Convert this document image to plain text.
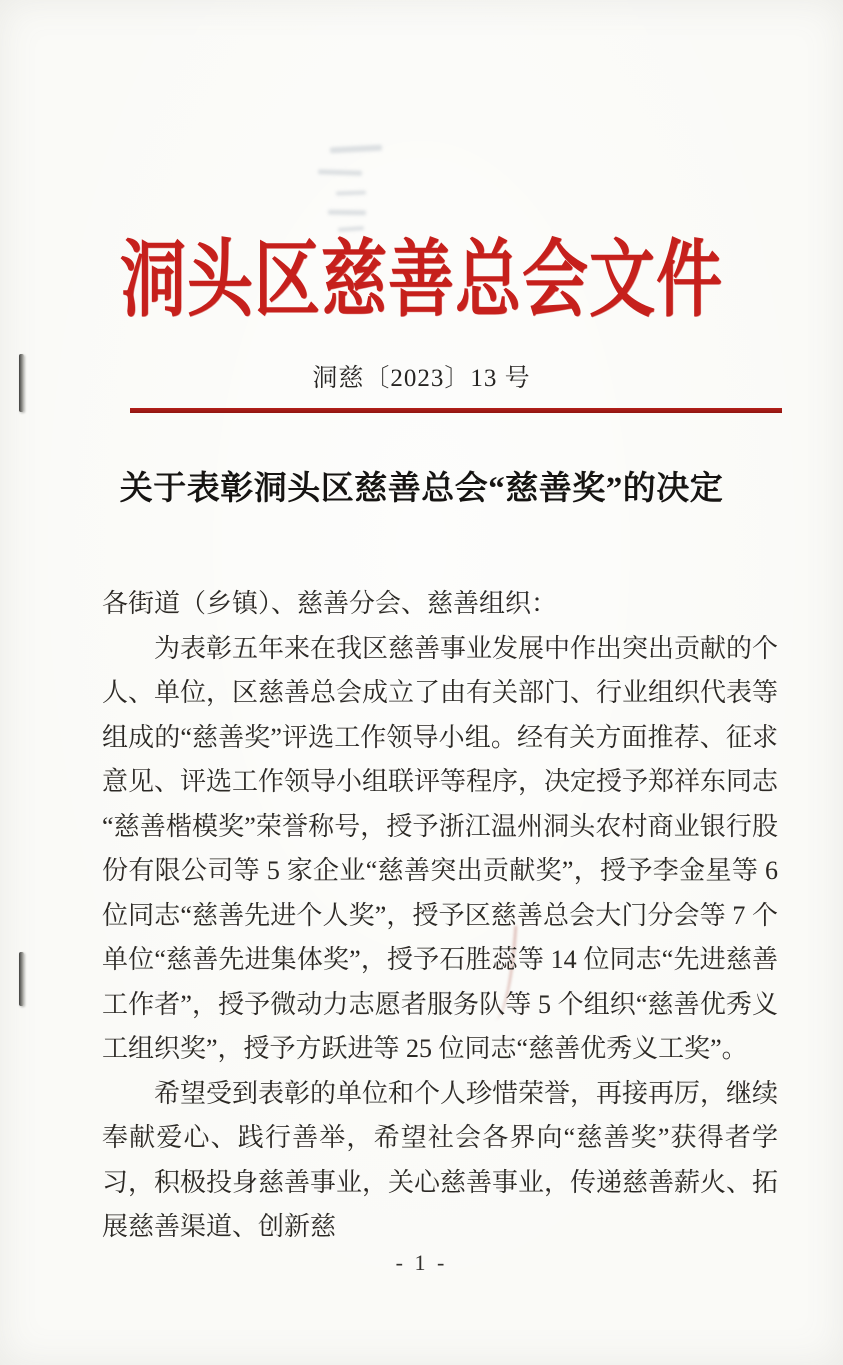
洞头区慈善总会文件
洞慈〔2023〕13 号
关于表彰洞头区慈善总会“慈善奖”的决定

各街道（乡镇）、慈善分会、慈善组织：

为表彰五年来在我区慈善事业发展中作出突出贡献的个人、单位，区慈善总会成立了由有关部门、行业组织代表等组成的“慈善奖”评选工作领导小组。经有关方面推荐、征求意见、评选工作领导小组联评等程序，决定授予郑祥东同志“慈善楷模奖”荣誉称号，授予浙江温州洞头农村商业银行股份有限公司等 5 家企业“慈善突出贡献奖”，授予李金星等 6 位同志“慈善先进个人奖”，授予区慈善总会大门分会等 7 个单位“慈善先进集体奖”，授予石胜蕊等 14 位同志“先进慈善工作者”，授予微动力志愿者服务队等 5 个组织“慈善优秀义工组织奖”，授予方跃进等 25 位同志“慈善优秀义工奖”。

希望受到表彰的单位和个人珍惜荣誉，再接再厉，继续奉献爱心、践行善举，希望社会各界向“慈善奖”获得者学习，积极投身慈善事业，关心慈善事业，传递慈善薪火、拓展慈善渠道、创新慈

- 1 -
